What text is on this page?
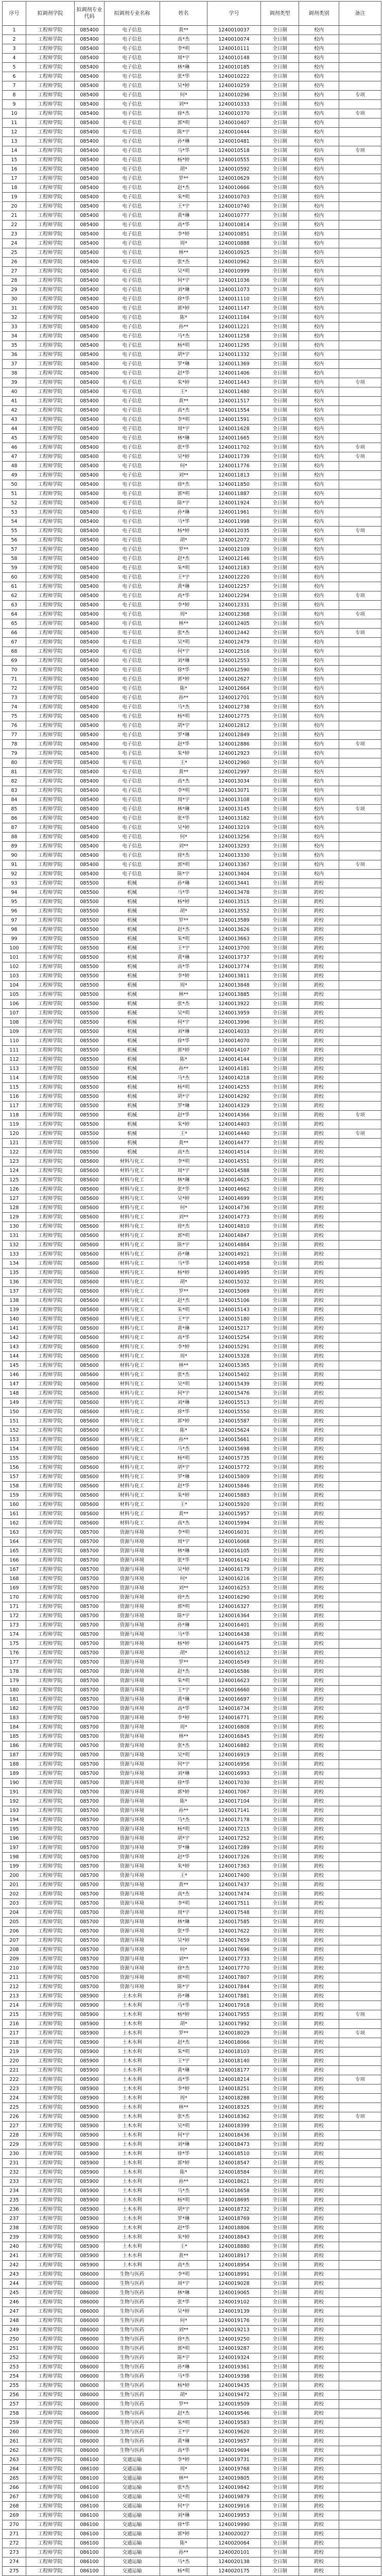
序号	拟调剂学院	拟调剂专业代码	拟调剂专业名称	姓名	学号	调剂类型	调剂类别	备注
1	工程师学院	085400	电子信息	黄**	1240010037	全日制	校内	
2	工程师学院	085400	电子信息	高*杰	1240010074	全日制	校内	
3	工程师学院	085400	电子信息	李*明	1240010111	全日制	校内	
4	工程师学院	085400	电子信息	周*宇	1240010148	全日制	校内	
5	工程师学院	085400	电子信息	林*琳	1240010185	全日制	校内	
6	工程师学院	085400	电子信息	张*华	1240010222	全日制	校内	
7	工程师学院	085400	电子信息	吴*婷	1240010259	全日制	校内	
8	工程师学院	085400	电子信息	何*	1240010296	全日制	校内	专项
9	工程师学院	085400	电子信息	刘**	1240010333	全日制	校内	
10	工程师学院	085400	电子信息	徐*杰	1240010370	全日制	校内	专项
11	工程师学院	085400	电子信息	郭*明	1240010407	全日制	校内	
12	工程师学院	085400	电子信息	陈*宇	1240010444	全日制	校内	
13	工程师学院	085400	电子信息	孙*琳	1240010481	全日制	校内	
14	工程师学院	085400	电子信息	马*华	1240010518	全日制	校内	专项
15	工程师学院	085400	电子信息	杨*婷	1240010555	全日制	校内	
16	工程师学院	085400	电子信息	胡*	1240010592	全日制	校内	
17	工程师学院	085400	电子信息	罗**	1240010629	全日制	校内	
18	工程师学院	085400	电子信息	赵*杰	1240010666	全日制	校内	
19	工程师学院	085400	电子信息	朱*明	1240010703	全日制	校内	
20	工程师学院	085400	电子信息	王*宇	1240010740	全日制	校内	
21	工程师学院	085400	电子信息	黄*琳	1240010777	全日制	校内	
22	工程师学院	085400	电子信息	高*华	1240010814	全日制	校内	
23	工程师学院	085400	电子信息	李*婷	1240010851	全日制	校内	
24	工程师学院	085400	电子信息	周*	1240010888	全日制	校内	
25	工程师学院	085400	电子信息	林**	1240010925	全日制	校内	
26	工程师学院	085400	电子信息	张*杰	1240010962	全日制	校内	
27	工程师学院	085400	电子信息	吴*明	1240010999	全日制	校内	
28	工程师学院	085400	电子信息	何*宇	1240011036	全日制	校内	
29	工程师学院	085400	电子信息	刘*琳	1240011073	全日制	校内	
30	工程师学院	085400	电子信息	徐*华	1240011110	全日制	校内	
31	工程师学院	085400	电子信息	郭*婷	1240011147	全日制	校内	
32	工程师学院	085400	电子信息	陈*	1240011184	全日制	校内	
33	工程师学院	085400	电子信息	孙**	1240011221	全日制	校内	
34	工程师学院	085400	电子信息	马*杰	1240011258	全日制	校内	
35	工程师学院	085400	电子信息	杨*明	1240011295	全日制	校内	
36	工程师学院	085400	电子信息	胡*宇	1240011332	全日制	校内	
37	工程师学院	085400	电子信息	罗*琳	1240011369	全日制	校内	
38	工程师学院	085400	电子信息	赵*华	1240011406	全日制	校内	
39	工程师学院	085400	电子信息	朱*婷	1240011443	全日制	校内	专项
40	工程师学院	085400	电子信息	王*	1240011480	全日制	校内	
41	工程师学院	085400	电子信息	黄**	1240011517	全日制	校内	
42	工程师学院	085400	电子信息	高*杰	1240011554	全日制	校内	
43	工程师学院	085400	电子信息	李*明	1240011591	全日制	校内	
44	工程师学院	085400	电子信息	周*宇	1240011628	全日制	校内	
45	工程师学院	085400	电子信息	林*琳	1240011665	全日制	校内	
46	工程师学院	085400	电子信息	张*华	1240011702	全日制	校内	专项
47	工程师学院	085400	电子信息	吴*婷	1240011739	全日制	校内	专项
48	工程师学院	085400	电子信息	何*	1240011776	全日制	校内	
49	工程师学院	085400	电子信息	刘**	1240011813	全日制	校内	
50	工程师学院	085400	电子信息	徐*杰	1240011850	全日制	校内	
51	工程师学院	085400	电子信息	郭*明	1240011887	全日制	校内	
52	工程师学院	085400	电子信息	陈*宇	1240011924	全日制	校内	
53	工程师学院	085400	电子信息	孙*琳	1240011961	全日制	校内	
54	工程师学院	085400	电子信息	马*华	1240011998	全日制	校内	
55	工程师学院	085400	电子信息	杨*婷	1240012035	全日制	校内	专项
56	工程师学院	085400	电子信息	胡*	1240012072	全日制	校内	
57	工程师学院	085400	电子信息	罗**	1240012109	全日制	校内	
58	工程师学院	085400	电子信息	赵*杰	1240012146	全日制	校内	
59	工程师学院	085400	电子信息	朱*明	1240012183	全日制	校内	
60	工程师学院	085400	电子信息	王*宇	1240012220	全日制	校内	
61	工程师学院	085400	电子信息	黄*琳	1240012257	全日制	校内	
62	工程师学院	085400	电子信息	高*华	1240012294	全日制	校内	专项
63	工程师学院	085400	电子信息	李*婷	1240012331	全日制	校内	
64	工程师学院	085400	电子信息	周*	1240012368	全日制	校内	专项
65	工程师学院	085400	电子信息	林**	1240012405	全日制	校内	
66	工程师学院	085400	电子信息	张*杰	1240012442	全日制	校内	专项
67	工程师学院	085400	电子信息	吴*明	1240012479	全日制	校内	
68	工程师学院	085400	电子信息	何*宇	1240012516	全日制	校内	
69	工程师学院	085400	电子信息	刘*琳	1240012553	全日制	校内	
70	工程师学院	085400	电子信息	徐*华	1240012590	全日制	校内	
71	工程师学院	085400	电子信息	郭*婷	1240012627	全日制	校内	
72	工程师学院	085400	电子信息	陈*	1240012664	全日制	校内	
73	工程师学院	085400	电子信息	孙**	1240012701	全日制	校内	
74	工程师学院	085400	电子信息	马*杰	1240012738	全日制	校内	
75	工程师学院	085400	电子信息	杨*明	1240012775	全日制	校内	
76	工程师学院	085400	电子信息	胡*宇	1240012812	全日制	校内	
77	工程师学院	085400	电子信息	罗*琳	1240012849	全日制	校内	
78	工程师学院	085400	电子信息	赵*华	1240012886	全日制	校内	专项
79	工程师学院	085400	电子信息	朱*婷	1240012923	全日制	校内	
80	工程师学院	085400	电子信息	王*	1240012960	全日制	校内	
81	工程师学院	085400	电子信息	黄**	1240012997	全日制	校内	
82	工程师学院	085400	电子信息	高*杰	1240013034	全日制	校内	
83	工程师学院	085400	电子信息	李*明	1240013071	全日制	校内	
84	工程师学院	085400	电子信息	周*宇	1240013108	全日制	校内	
85	工程师学院	085400	电子信息	林*琳	1240013145	全日制	校内	专项
86	工程师学院	085400	电子信息	张*华	1240013182	全日制	校内	
87	工程师学院	085400	电子信息	吴*婷	1240013219	全日制	校内	
88	工程师学院	085400	电子信息	何*	1240013256	全日制	校内	
89	工程师学院	085400	电子信息	刘**	1240013293	全日制	校内	
90	工程师学院	085400	电子信息	徐*杰	1240013330	全日制	校内	
91	工程师学院	085400	电子信息	郭*明	1240013367	全日制	校内	专项
92	工程师学院	085400	电子信息	陈*宇	1240013404	全日制	校内	
93	工程师学院	085500	机械	孙*琳	1240013441	全日制	跨校	
94	工程师学院	085500	机械	马*华	1240013478	全日制	跨校	
95	工程师学院	085500	机械	杨*婷	1240013515	全日制	跨校	
96	工程师学院	085500	机械	胡*	1240013552	全日制	跨校	
97	工程师学院	085500	机械	罗**	1240013589	全日制	跨校	
98	工程师学院	085500	机械	赵*杰	1240013626	全日制	跨校	
99	工程师学院	085500	机械	朱*明	1240013663	全日制	跨校	
100	工程师学院	085500	机械	王*宇	1240013700	全日制	跨校	
101	工程师学院	085500	机械	黄*琳	1240013737	全日制	跨校	
102	工程师学院	085500	机械	高*华	1240013774	全日制	跨校	
103	工程师学院	085500	机械	李*婷	1240013811	全日制	跨校	
104	工程师学院	085500	机械	周*	1240013848	全日制	跨校	
105	工程师学院	085500	机械	林**	1240013885	全日制	跨校	
106	工程师学院	085500	机械	张*杰	1240013922	全日制	跨校	
107	工程师学院	085500	机械	吴*明	1240013959	全日制	跨校	
108	工程师学院	085500	机械	何*宇	1240013996	全日制	跨校	
109	工程师学院	085500	机械	刘*琳	1240014033	全日制	跨校	
110	工程师学院	085500	机械	徐*华	1240014070	全日制	跨校	
111	工程师学院	085500	机械	郭*婷	1240014107	全日制	跨校	
112	工程师学院	085500	机械	陈*	1240014144	全日制	跨校	
113	工程师学院	085500	机械	孙**	1240014181	全日制	跨校	
114	工程师学院	085500	机械	马*杰	1240014218	全日制	跨校	
115	工程师学院	085500	机械	杨*明	1240014255	全日制	跨校	
116	工程师学院	085500	机械	胡*宇	1240014292	全日制	跨校	
117	工程师学院	085500	机械	罗*琳	1240014329	全日制	跨校	
118	工程师学院	085500	机械	赵*华	1240014366	全日制	跨校	专项
119	工程师学院	085500	机械	朱*婷	1240014403	全日制	跨校	
120	工程师学院	085500	机械	王*	1240014440	全日制	跨校	专项
121	工程师学院	085500	机械	黄**	1240014477	全日制	跨校	
122	工程师学院	085500	机械	高*杰	1240014514	全日制	跨校	
123	工程师学院	085600	材料与化工	李*明	1240014551	全日制	跨校	
124	工程师学院	085600	材料与化工	周*宇	1240014588	全日制	跨校	
125	工程师学院	085600	材料与化工	林*琳	1240014625	全日制	跨校	
126	工程师学院	085600	材料与化工	张*华	1240014662	全日制	跨校	
127	工程师学院	085600	材料与化工	吴*婷	1240014699	全日制	跨校	
128	工程师学院	085600	材料与化工	何*	1240014736	全日制	跨校	
129	工程师学院	085600	材料与化工	刘**	1240014773	全日制	跨校	
130	工程师学院	085600	材料与化工	徐*杰	1240014810	全日制	跨校	
131	工程师学院	085600	材料与化工	郭*明	1240014847	全日制	跨校	
132	工程师学院	085600	材料与化工	陈*宇	1240014884	全日制	跨校	
133	工程师学院	085600	材料与化工	孙*琳	1240014921	全日制	跨校	
134	工程师学院	085600	材料与化工	马*华	1240014958	全日制	跨校	
135	工程师学院	085600	材料与化工	杨*婷	1240014995	全日制	跨校	
136	工程师学院	085600	材料与化工	胡*	1240015032	全日制	跨校	
137	工程师学院	085600	材料与化工	罗**	1240015069	全日制	跨校	
138	工程师学院	085600	材料与化工	赵*杰	1240015106	全日制	跨校	
139	工程师学院	085600	材料与化工	朱*明	1240015143	全日制	跨校	
140	工程师学院	085600	材料与化工	王*宇	1240015180	全日制	跨校	
141	工程师学院	085600	材料与化工	黄*琳	1240015217	全日制	跨校	
142	工程师学院	085600	材料与化工	高*华	1240015254	全日制	跨校	
143	工程师学院	085600	材料与化工	李*婷	1240015291	全日制	跨校	
144	工程师学院	085600	材料与化工	周*	1240015328	全日制	跨校	
145	工程师学院	085600	材料与化工	林**	1240015365	全日制	跨校	
146	工程师学院	085600	材料与化工	张*杰	1240015402	全日制	跨校	
147	工程师学院	085600	材料与化工	吴*明	1240015439	全日制	跨校	
148	工程师学院	085600	材料与化工	何*宇	1240015476	全日制	跨校	
149	工程师学院	085600	材料与化工	刘*琳	1240015513	全日制	跨校	
150	工程师学院	085600	材料与化工	徐*华	1240015550	全日制	跨校	
151	工程师学院	085600	材料与化工	郭*婷	1240015587	全日制	跨校	
152	工程师学院	085600	材料与化工	陈*	1240015624	全日制	跨校	
153	工程师学院	085600	材料与化工	孙**	1240015661	全日制	跨校	
154	工程师学院	085600	材料与化工	马*杰	1240015698	全日制	跨校	
155	工程师学院	085600	材料与化工	杨*明	1240015735	全日制	跨校	
156	工程师学院	085600	材料与化工	胡*宇	1240015772	全日制	跨校	
157	工程师学院	085600	材料与化工	罗*琳	1240015809	全日制	跨校	
158	工程师学院	085600	材料与化工	赵*华	1240015846	全日制	跨校	
159	工程师学院	085600	材料与化工	朱*婷	1240015883	全日制	跨校	
160	工程师学院	085600	材料与化工	王*	1240015920	全日制	跨校	
161	工程师学院	085600	材料与化工	黄**	1240015957	全日制	跨校	
162	工程师学院	085600	材料与化工	高*杰	1240015994	全日制	跨校	
163	工程师学院	085700	资源与环境	李*明	1240016031	全日制	跨校	
164	工程师学院	085700	资源与环境	周*宇	1240016068	全日制	跨校	
165	工程师学院	085700	资源与环境	林*琳	1240016105	全日制	跨校	
166	工程师学院	085700	资源与环境	张*华	1240016142	全日制	跨校	
167	工程师学院	085700	资源与环境	吴*婷	1240016179	全日制	跨校	
168	工程师学院	085700	资源与环境	何*	1240016216	全日制	跨校	
169	工程师学院	085700	资源与环境	刘**	1240016253	全日制	跨校	
170	工程师学院	085700	资源与环境	徐*杰	1240016290	全日制	跨校	
171	工程师学院	085700	资源与环境	郭*明	1240016327	全日制	跨校	
172	工程师学院	085700	资源与环境	陈*宇	1240016364	全日制	跨校	
173	工程师学院	085700	资源与环境	孙*琳	1240016401	全日制	跨校	
174	工程师学院	085700	资源与环境	马*华	1240016438	全日制	跨校	
175	工程师学院	085700	资源与环境	杨*婷	1240016475	全日制	跨校	
176	工程师学院	085700	资源与环境	胡*	1240016512	全日制	跨校	
177	工程师学院	085700	资源与环境	罗**	1240016549	全日制	跨校	
178	工程师学院	085700	资源与环境	赵*杰	1240016586	全日制	跨校	
179	工程师学院	085700	资源与环境	朱*明	1240016623	全日制	跨校	
180	工程师学院	085700	资源与环境	王*宇	1240016660	全日制	跨校	
181	工程师学院	085700	资源与环境	黄*琳	1240016697	全日制	跨校	
182	工程师学院	085700	资源与环境	高*华	1240016734	全日制	跨校	
183	工程师学院	085700	资源与环境	李*婷	1240016771	全日制	跨校	
184	工程师学院	085700	资源与环境	周*	1240016808	全日制	跨校	
185	工程师学院	085700	资源与环境	林**	1240016845	全日制	跨校	
186	工程师学院	085700	资源与环境	张*杰	1240016882	全日制	跨校	
187	工程师学院	085700	资源与环境	吴*明	1240016919	全日制	跨校	
188	工程师学院	085700	资源与环境	何*宇	1240016956	全日制	跨校	
189	工程师学院	085700	资源与环境	刘*琳	1240016993	全日制	跨校	
190	工程师学院	085700	资源与环境	徐*华	1240017030	全日制	跨校	
191	工程师学院	085700	资源与环境	郭*婷	1240017067	全日制	跨校	
192	工程师学院	085700	资源与环境	陈*	1240017104	全日制	跨校	
193	工程师学院	085700	资源与环境	孙**	1240017141	全日制	跨校	
194	工程师学院	085700	资源与环境	马*杰	1240017178	全日制	跨校	
195	工程师学院	085700	资源与环境	杨*明	1240017215	全日制	跨校	
196	工程师学院	085700	资源与环境	胡*宇	1240017252	全日制	跨校	
197	工程师学院	085700	资源与环境	罗*琳	1240017289	全日制	跨校	
198	工程师学院	085700	资源与环境	赵*华	1240017326	全日制	跨校	
199	工程师学院	085700	资源与环境	朱*婷	1240017363	全日制	跨校	
200	工程师学院	085700	资源与环境	王*	1240017400	全日制	跨校	
201	工程师学院	085700	资源与环境	黄**	1240017437	全日制	跨校	
202	工程师学院	085700	资源与环境	高*杰	1240017474	全日制	跨校	
203	工程师学院	085700	资源与环境	李*明	1240017511	全日制	跨校	
204	工程师学院	085700	资源与环境	周*宇	1240017548	全日制	跨校	
205	工程师学院	085700	资源与环境	林*琳	1240017585	全日制	跨校	
206	工程师学院	085700	资源与环境	张*华	1240017622	全日制	跨校	
207	工程师学院	085700	资源与环境	吴*婷	1240017659	全日制	跨校	
208	工程师学院	085700	资源与环境	何*	1240017696	全日制	跨校	
209	工程师学院	085700	资源与环境	刘**	1240017733	全日制	跨校	
210	工程师学院	085700	资源与环境	徐*杰	1240017770	全日制	跨校	
211	工程师学院	085700	资源与环境	郭*明	1240017807	全日制	跨校	
212	工程师学院	085700	资源与环境	陈*宇	1240017844	全日制	跨校	
213	工程师学院	085900	土木水利	孙*琳	1240017881	全日制	跨校	
214	工程师学院	085900	土木水利	马*华	1240017918	全日制	跨校	
215	工程师学院	085900	土木水利	杨*婷	1240017955	全日制	跨校	专项
216	工程师学院	085900	土木水利	胡*	1240017992	全日制	跨校	
217	工程师学院	085900	土木水利	罗**	1240018029	全日制	跨校	专项
218	工程师学院	085900	土木水利	赵*杰	1240018066	全日制	跨校	
219	工程师学院	085900	土木水利	朱*明	1240018103	全日制	跨校	
220	工程师学院	085900	土木水利	王*宇	1240018140	全日制	跨校	
221	工程师学院	085900	土木水利	黄*琳	1240018177	全日制	跨校	
222	工程师学院	085900	土木水利	高*华	1240018214	全日制	跨校	专项
223	工程师学院	085900	土木水利	李*婷	1240018251	全日制	跨校	
224	工程师学院	085900	土木水利	周*	1240018288	全日制	跨校	
225	工程师学院	085900	土木水利	林**	1240018325	全日制	跨校	
226	工程师学院	085900	土木水利	张*杰	1240018362	全日制	跨校	专项
227	工程师学院	085900	土木水利	吴*明	1240018399	全日制	跨校	
228	工程师学院	085900	土木水利	何*宇	1240018436	全日制	跨校	
229	工程师学院	085900	土木水利	刘*琳	1240018473	全日制	跨校	
230	工程师学院	085900	土木水利	徐*华	1240018510	全日制	跨校	
231	工程师学院	085900	土木水利	郭*婷	1240018547	全日制	跨校	
232	工程师学院	085900	土木水利	陈*	1240018584	全日制	跨校	
233	工程师学院	085900	土木水利	孙**	1240018621	全日制	跨校	
234	工程师学院	085900	土木水利	马*杰	1240018658	全日制	跨校	
235	工程师学院	085900	土木水利	杨*明	1240018695	全日制	跨校	
236	工程师学院	085900	土木水利	胡*宇	1240018732	全日制	跨校	
237	工程师学院	085900	土木水利	罗*琳	1240018769	全日制	跨校	
238	工程师学院	085900	土木水利	赵*华	1240018806	全日制	跨校	
239	工程师学院	085900	土木水利	朱*婷	1240018843	全日制	跨校	
240	工程师学院	085900	土木水利	王*	1240018880	全日制	跨校	
241	工程师学院	085900	土木水利	黄**	1240018917	全日制	跨校	
242	工程师学院	085900	土木水利	高*杰	1240018954	全日制	跨校	
243	工程师学院	086000	生物与医药	李*明	1240018991	全日制	跨校	
244	工程师学院	086000	生物与医药	周*宇	1240019028	全日制	跨校	
245	工程师学院	086000	生物与医药	林*琳	1240019065	全日制	跨校	
246	工程师学院	086000	生物与医药	张*华	1240019102	全日制	跨校	
247	工程师学院	086000	生物与医药	吴*婷	1240019139	全日制	跨校	
248	工程师学院	086000	生物与医药	何*	1240019176	全日制	跨校	
249	工程师学院	086000	生物与医药	刘**	1240019213	全日制	跨校	
250	工程师学院	086000	生物与医药	徐*杰	1240019250	全日制	跨校	
251	工程师学院	086000	生物与医药	郭*明	1240019287	全日制	跨校	
252	工程师学院	086000	生物与医药	陈*宇	1240019324	全日制	跨校	
253	工程师学院	086000	生物与医药	孙*琳	1240019361	全日制	跨校	
254	工程师学院	086000	生物与医药	马*华	1240019398	全日制	跨校	
255	工程师学院	086000	生物与医药	杨*婷	1240019435	全日制	跨校	
256	工程师学院	086000	生物与医药	胡*	1240019472	全日制	跨校	
257	工程师学院	086000	生物与医药	罗**	1240019509	全日制	跨校	
258	工程师学院	086000	生物与医药	赵*杰	1240019546	全日制	跨校	
259	工程师学院	086000	生物与医药	朱*明	1240019583	全日制	跨校	
260	工程师学院	086000	生物与医药	王*宇	1240019620	全日制	跨校	
261	工程师学院	086000	生物与医药	黄*琳	1240019657	全日制	跨校	
262	工程师学院	086000	生物与医药	高*华	1240019694	全日制	跨校	
263	工程师学院	086100	交通运输	李*婷	1240019731	全日制	跨校	
264	工程师学院	086100	交通运输	周*	1240019768	全日制	跨校	
265	工程师学院	086100	交通运输	林**	1240019805	全日制	跨校	
266	工程师学院	086100	交通运输	张*杰	1240019842	全日制	跨校	
267	工程师学院	086100	交通运输	吴*明	1240019879	全日制	跨校	
268	工程师学院	086100	交通运输	何*宇	1240019916	全日制	跨校	
269	工程师学院	086100	交通运输	刘*琳	1240019953	全日制	跨校	
270	工程师学院	086100	交通运输	徐*华	1240019990	全日制	跨校	
271	工程师学院	086100	交通运输	郭*婷	1240020027	全日制	跨校	
272	工程师学院	086100	交通运输	陈*	1240020064	全日制	跨校	
273	工程师学院	086100	交通运输	孙**	1240020101	全日制	跨校	
274	工程师学院	086100	交通运输	马*杰	1240020138	全日制	跨校	
275	工程师学院	086100	交通运输	杨*明	1240020175	全日制	跨校	
